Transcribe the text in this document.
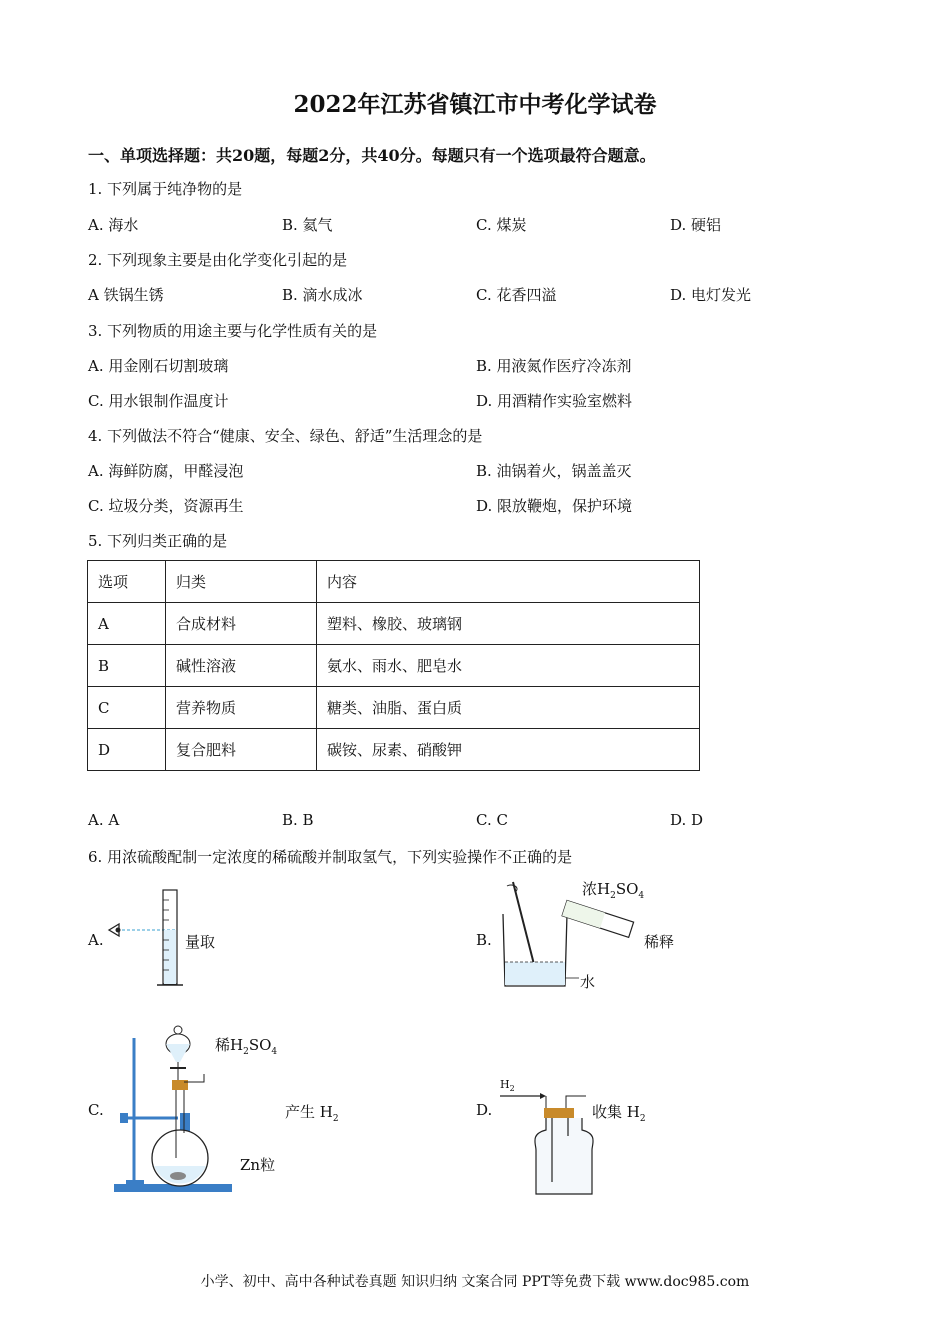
2022年江苏省镇江市中考化学试卷
一、单项选择题：共20题，每题2分，共40分。每题只有一个选项最符合题意。
1. 下列属于纯净物的是
A. 海水	B. 氦气	C. 煤炭	D. 硬铝
2. 下列现象主要是由化学变化引起的是
A 铁锅生锈	B. 滴水成冰	C. 花香四溢	D. 电灯发光
3. 下列物质的用途主要与化学性质有关的是
A. 用金刚石切割玻璃	B. 用液氮作医疗冷冻剂
C. 用水银制作温度计	D. 用酒精作实验室燃料
4. 下列做法不符合“健康、安全、绿色、舒适”生活理念的是
A. 海鲜防腐，甲醛浸泡	B. 油锅着火，锅盖盖灭
C. 垃圾分类，资源再生	D. 限放鞭炮，保护环境
5. 下列归类正确的是
选项	归类	内容
A	合成材料	塑料、橡胶、玻璃钢
B	碱性溶液	氨水、雨水、肥皂水
C	营养物质	糖类、油脂、蛋白质
D	复合肥料	碳铵、尿素、硝酸钾
A. A	B. B	C. C	D. D
6. 用浓硫酸配制一定浓度的稀硫酸并制取氢气，下列实验操作不正确的是
A.	量取	B.
浓$H_2SO_4$
稀释
水
C.
稀$H_2SO_4$
产生 $H_2$
Zn粒
D.
$H_2$
收集 $H_2$
小学、初中、高中各种试卷真题 知识归纳 文案合同 PPT等免费下载 www.doc985.com
